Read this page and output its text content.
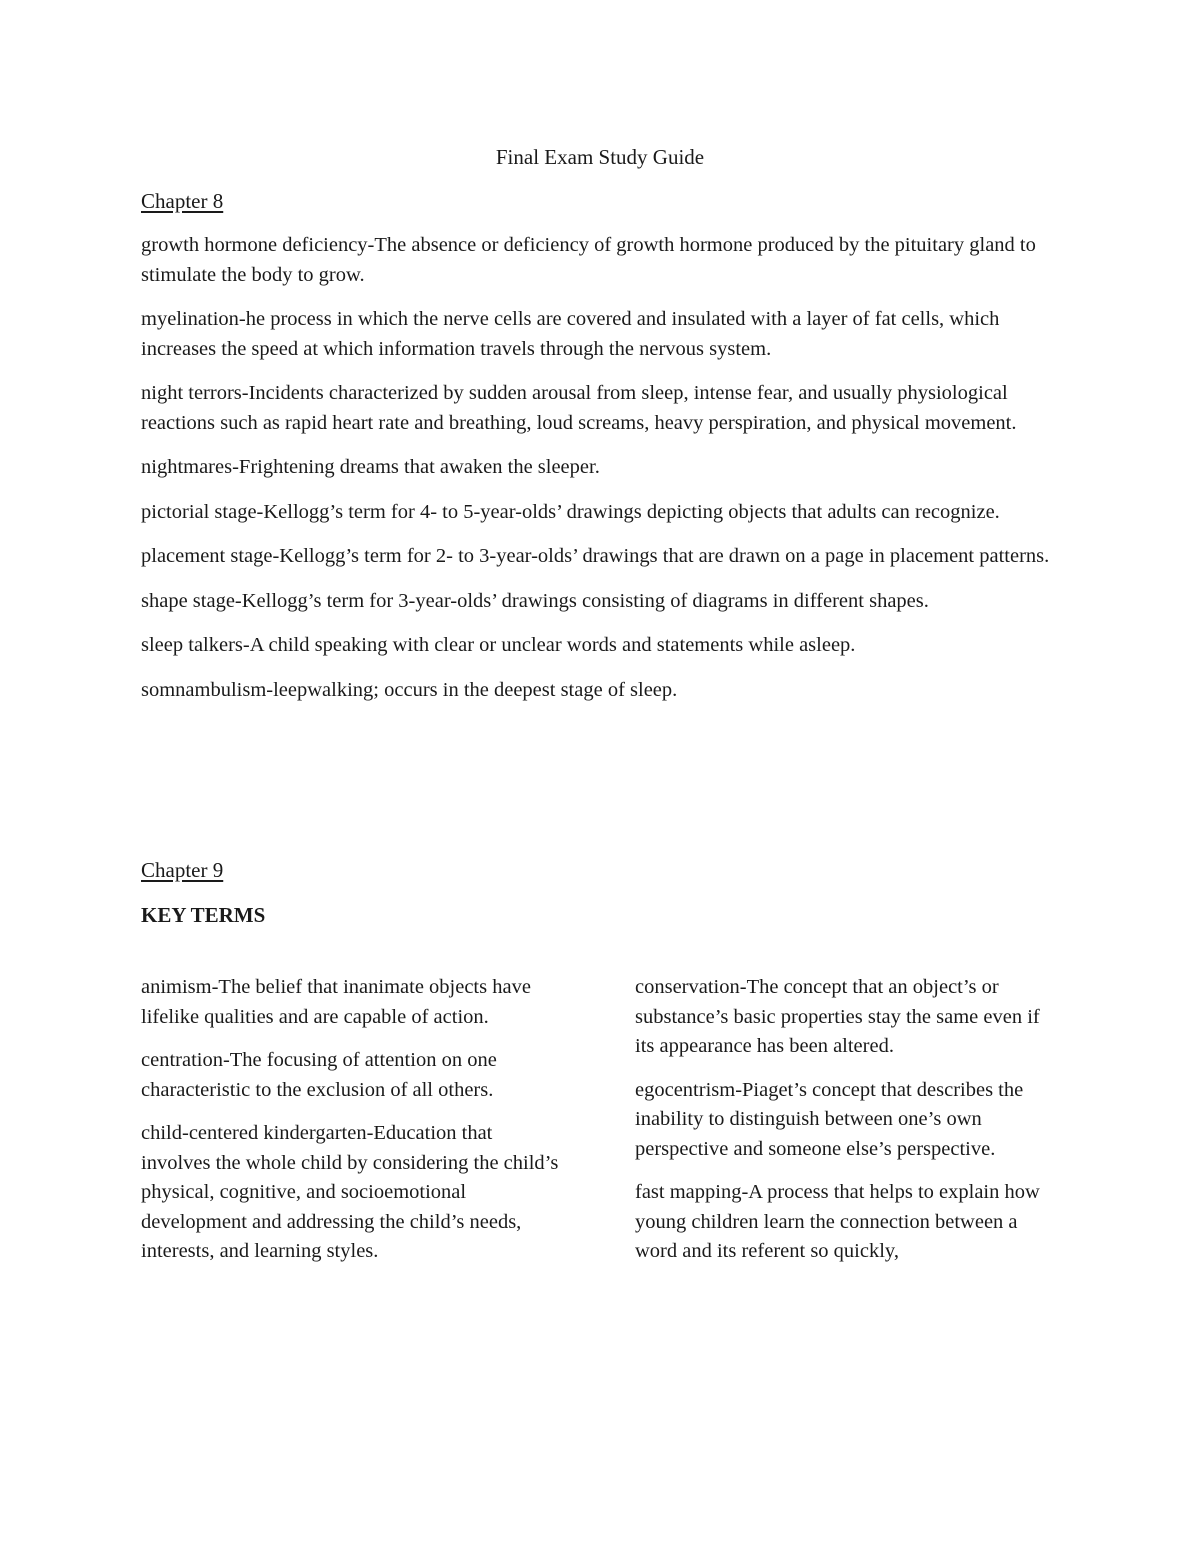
Final Exam Study Guide
Chapter 8

growth hormone deficiency-The absence or deficiency of growth hormone produced by the pituitary gland to stimulate the body to grow.

myelination-he process in which the nerve cells are covered and insulated with a layer of fat cells, which increases the speed at which information travels through the nervous system.

night terrors-Incidents characterized by sudden arousal from sleep, intense fear, and usually physiological reactions such as rapid heart rate and breathing, loud screams, heavy perspiration, and physical movement.

nightmares-Frightening dreams that awaken the sleeper.

pictorial stage-Kellogg’s term for 4- to 5-year-olds’ drawings depicting objects that adults can recognize.

placement stage-Kellogg’s term for 2- to 3-year-olds’ drawings that are drawn on a page in placement patterns.

shape stage-Kellogg’s term for 3-year-olds’ drawings consisting of diagrams in different shapes.

sleep talkers-A child speaking with clear or unclear words and statements while asleep.

somnambulism-leepwalking; occurs in the deepest stage of sleep.

Chapter 9
KEY TERMS

animism-The belief that inanimate objects have lifelike qualities and are capable of action.

centration-The focusing of attention on one characteristic to the exclusion of all others.

child-centered kindergarten-Education that involves the whole child by considering the child’s physical, cognitive, and socioemotional development and addressing the child’s needs, interests, and learning styles.

conservation-The concept that an object’s or substance’s basic properties stay the same even if its appearance has been altered.

egocentrism-Piaget’s concept that describes the inability to distinguish between one’s own perspective and someone else’s perspective.

fast mapping-A process that helps to explain how young children learn the connection between a word and its referent so quickly,
